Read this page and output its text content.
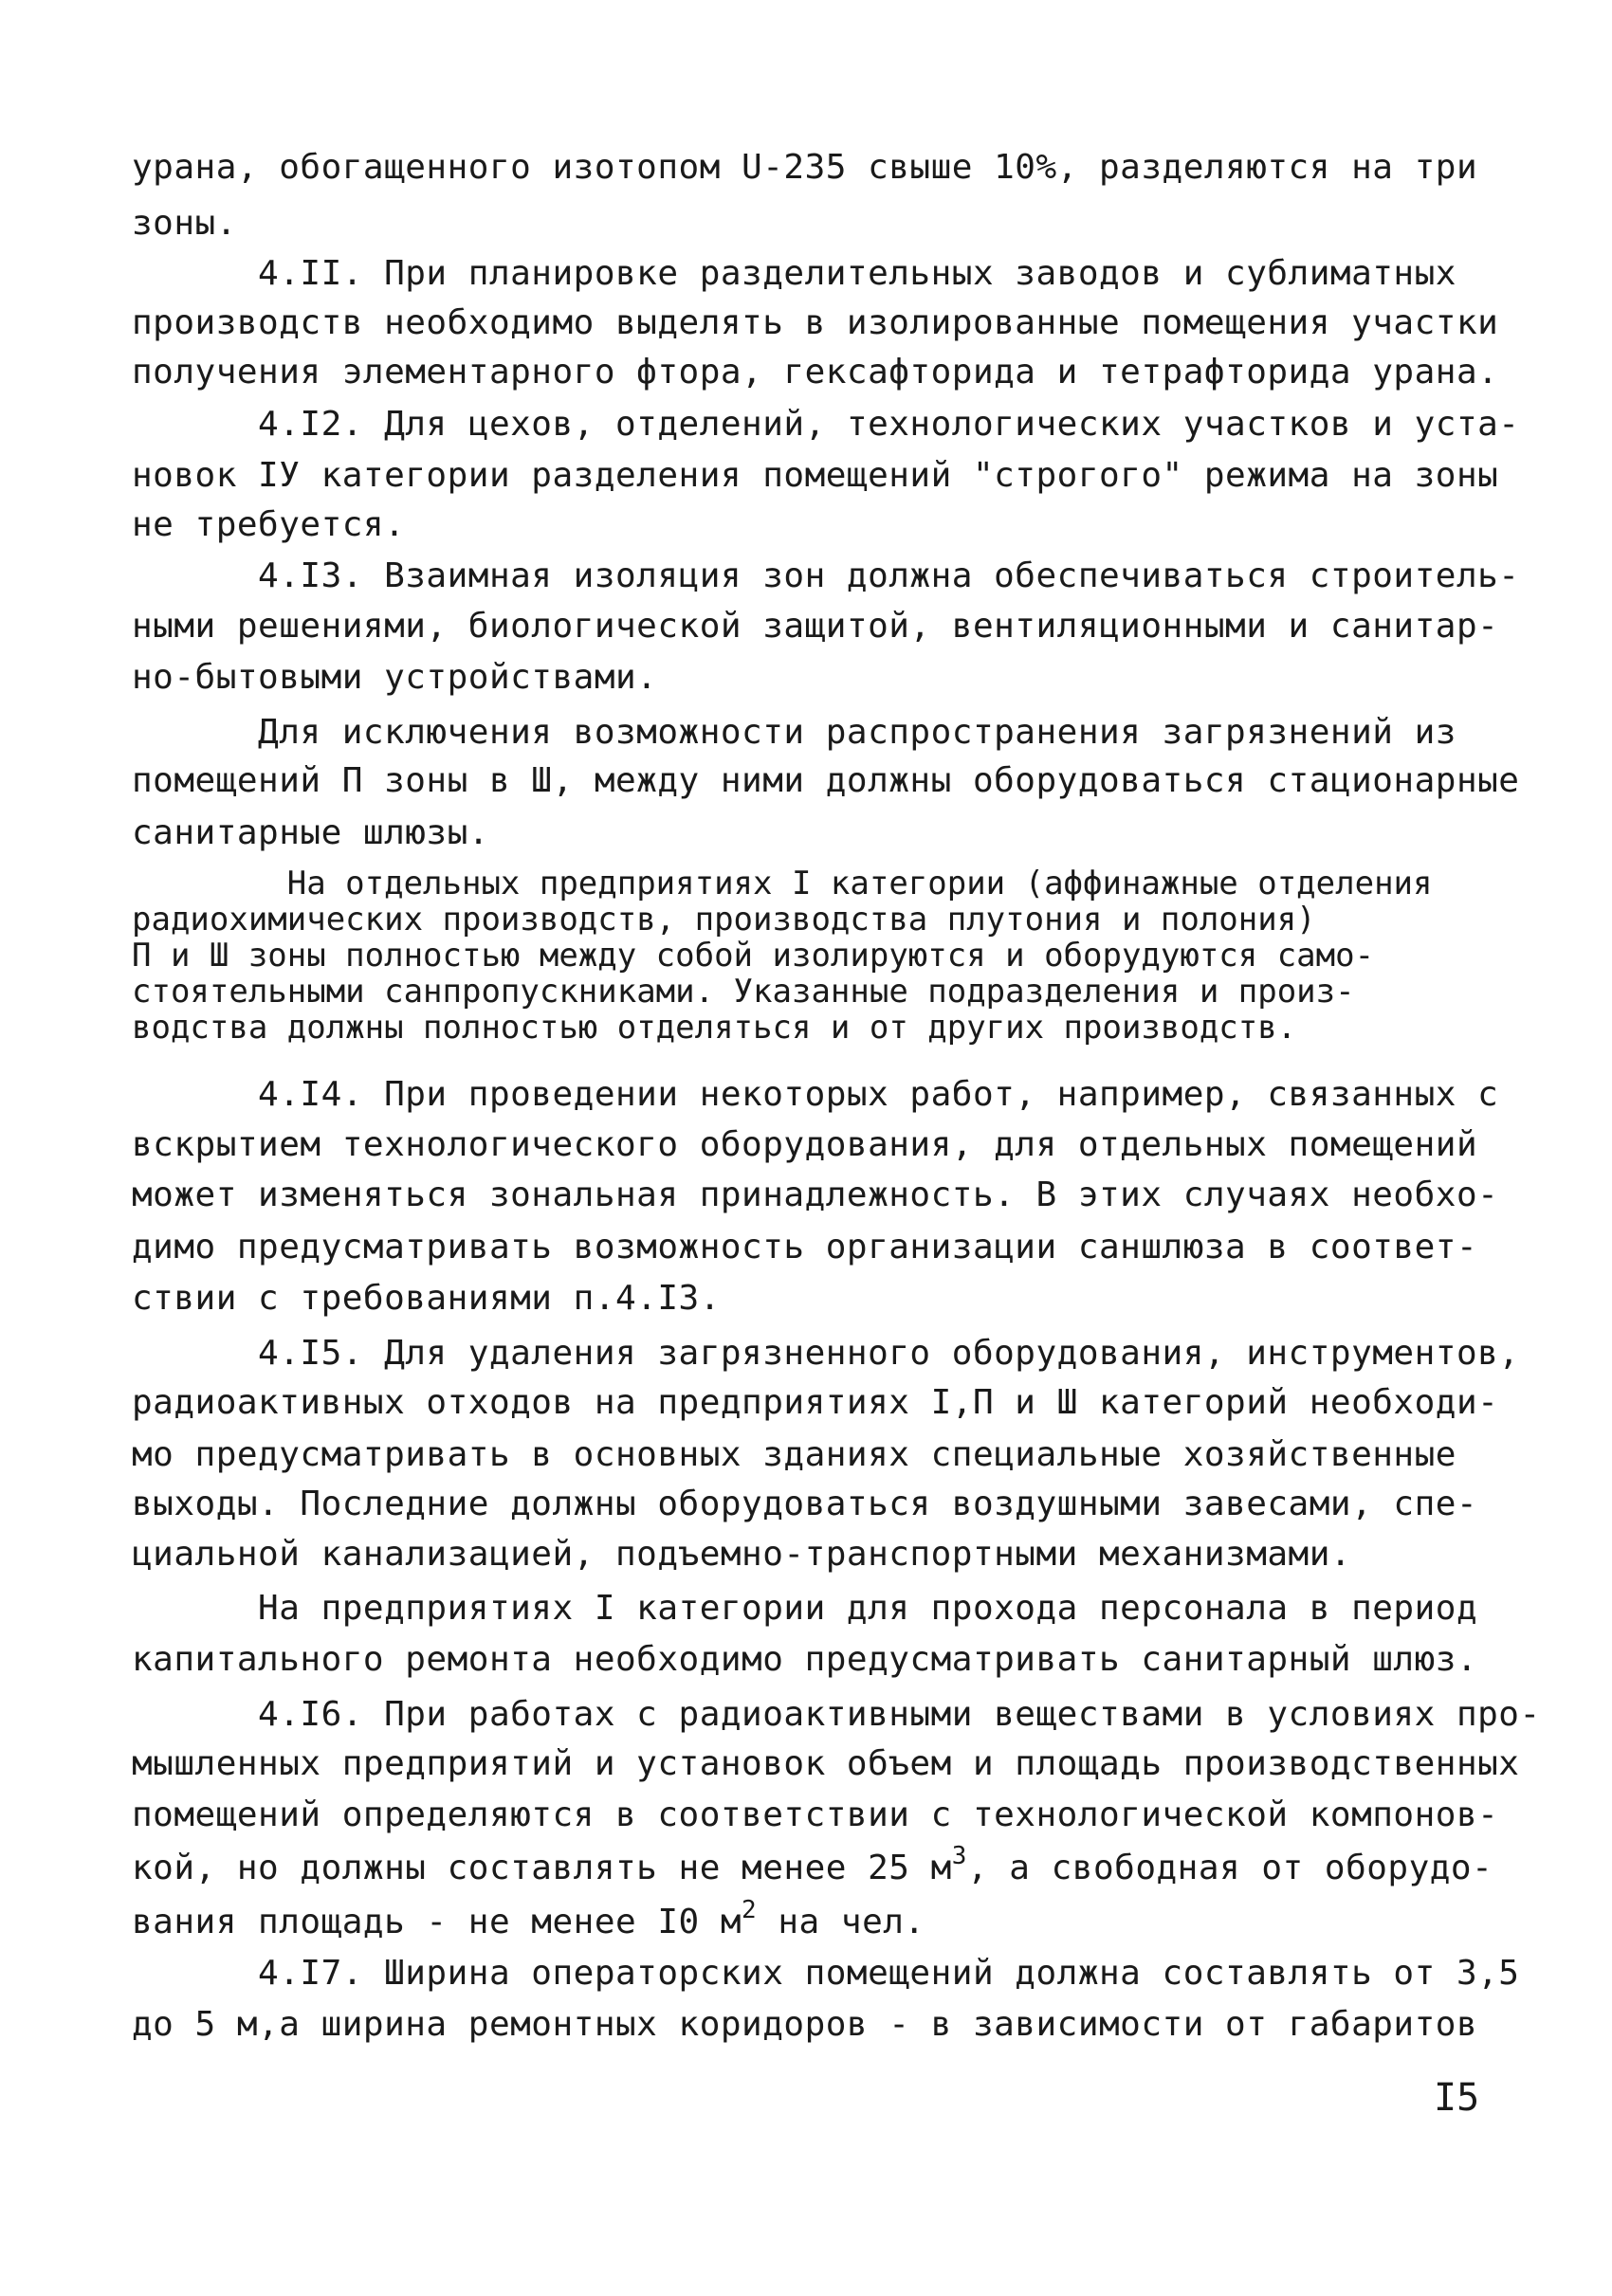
урана, обогащенного изотопом U-235 свыше 10%, разделяются на три
зоны.
4.II. При планировке разделительных заводов и сублиматных
производств необходимо выделять в изолированные помещения участки
получения элементарного фтора, гексафторида и тетрафторида урана.
4.I2. Для цехов, отделений, технологических участков и уста-
новок IУ категории разделения помещений "строгого" режима на зоны
не требуется.
4.I3. Взаимная изоляция зон должна обеспечиваться строитель-
ными решениями, биологической защитой, вентиляционными и санитар-
но-бытовыми устройствами.
Для исключения возможности распространения загрязнений из
помещений П зоны в Ш, между ними должны оборудоваться стационарные
санитарные шлюзы.
На отдельных предприятиях I категории (аффинажные отделения
радиохимических производств, производства плутония и полония)
П и Ш зоны полностью между собой изолируются и оборудуются само-
стоятельными санпропускниками. Указанные подразделения и произ-
водства должны полностью отделяться и от других производств.
4.I4. При проведении некоторых работ, например, связанных с
вскрытием технологического оборудования, для отдельных помещений
может изменяться зональная принадлежность. В этих случаях необхо-
димо предусматривать возможность организации саншлюза в соответ-
ствии с требованиями п.4.I3.
4.I5. Для удаления загрязненного оборудования, инструментов,
радиоактивных отходов на предприятиях I,П и Ш категорий необходи-
мо предусматривать в основных зданиях специальные хозяйственные
выходы. Последние должны оборудоваться воздушными завесами, спе-
циальной канализацией, подъемно-транспортными механизмами.
На предприятиях I категории для прохода персонала в период
капитального ремонта необходимо предусматривать санитарный шлюз.
4.I6. При работах с радиоактивными веществами в условиях про-
мышленных предприятий и установок объем и площадь производственных
помещений определяются в соответствии с технологической компонов-
кой, но должны составлять не менее 25 $м^3$, а свободная от оборудо-
вания площадь - не менее I0 $м^2$ на чел.
4.I7. Ширина операторских помещений должна составлять от 3,5
до 5 м,а ширина ремонтных коридоров - в зависимости от габаритов
I5
